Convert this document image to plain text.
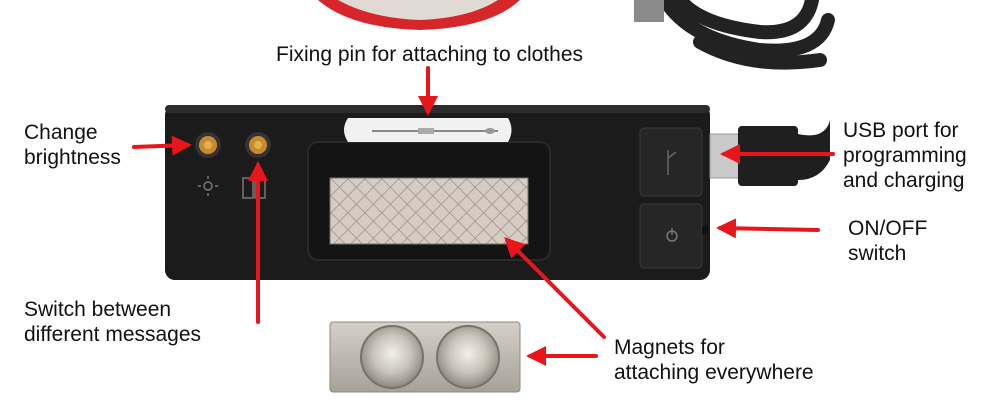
Fixing pin for attaching to clothes
Change
brightness
USB port for
programming
and charging
ON/OFF
switch
Switch between
different messages
Magnets for
attaching everywhere
